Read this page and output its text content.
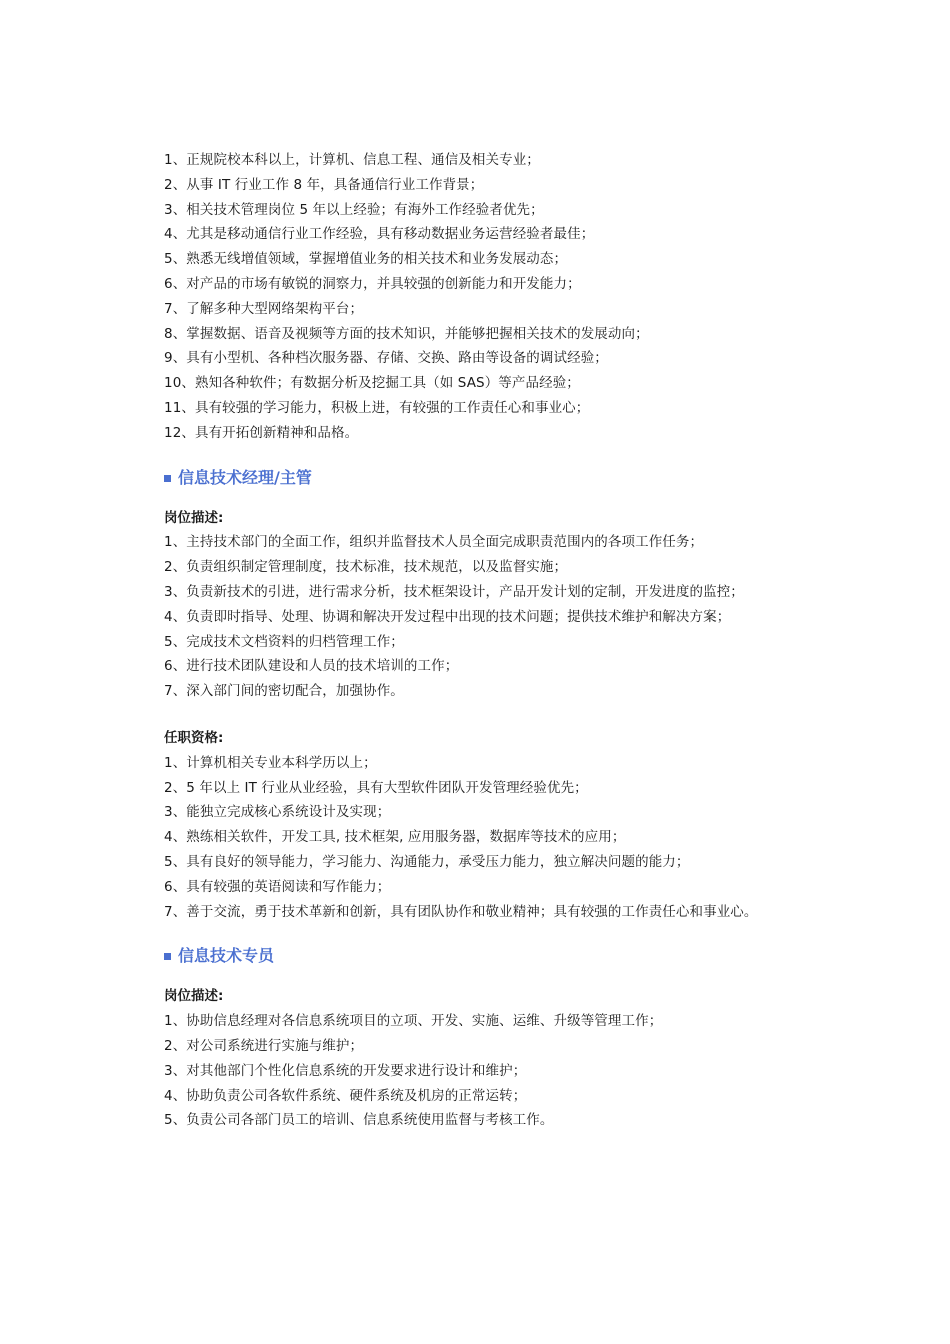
1、正规院校本科以上，计算机、信息工程、通信及相关专业；
2、从事 IT 行业工作 8 年，具备通信行业工作背景；
3、相关技术管理岗位 5 年以上经验；有海外工作经验者优先；
4、尤其是移动通信行业工作经验，具有移动数据业务运营经验者最佳；
5、熟悉无线增值领域，掌握增值业务的相关技术和业务发展动态；
6、对产品的市场有敏锐的洞察力，并具较强的创新能力和开发能力；
7、了解多种大型网络架构平台；
8、掌握数据、语音及视频等方面的技术知识，并能够把握相关技术的发展动向；
9、具有小型机、各种档次服务器、存储、交换、路由等设备的调试经验；
10、熟知各种软件；有数据分析及挖掘工具（如 SAS）等产品经验；
11、具有较强的学习能力，积极上进，有较强的工作责任心和事业心；
12、具有开拓创新精神和品格。
信息技术经理/主管
岗位描述:
1、主持技术部门的全面工作，组织并监督技术人员全面完成职责范围内的各项工作任务；
2、负责组织制定管理制度，技术标准，技术规范，以及监督实施；
3、负责新技术的引进，进行需求分析，技术框架设计，产品开发计划的定制，开发进度的监控；
4、负责即时指导、处理、协调和解决开发过程中出现的技术问题；提供技术维护和解决方案；
5、完成技术文档资料的归档管理工作；
6、进行技术团队建设和人员的技术培训的工作；
7、深入部门间的密切配合，加强协作。
任职资格:
1、计算机相关专业本科学历以上；
2、5 年以上 IT 行业从业经验，具有大型软件团队开发管理经验优先；
3、能独立完成核心系统设计及实现；
4、熟练相关软件，开发工具, 技术框架, 应用服务器，数据库等技术的应用；
5、具有良好的领导能力，学习能力、沟通能力，承受压力能力，独立解决问题的能力；
6、具有较强的英语阅读和写作能力；
7、善于交流，勇于技术革新和创新，具有团队协作和敬业精神；具有较强的工作责任心和事业心。
信息技术专员
岗位描述:
1、协助信息经理对各信息系统项目的立项、开发、实施、运维、升级等管理工作；
2、对公司系统进行实施与维护；
3、对其他部门个性化信息系统的开发要求进行设计和维护；
4、协助负责公司各软件系统、硬件系统及机房的正常运转；
5、负责公司各部门员工的培训、信息系统使用监督与考核工作。
